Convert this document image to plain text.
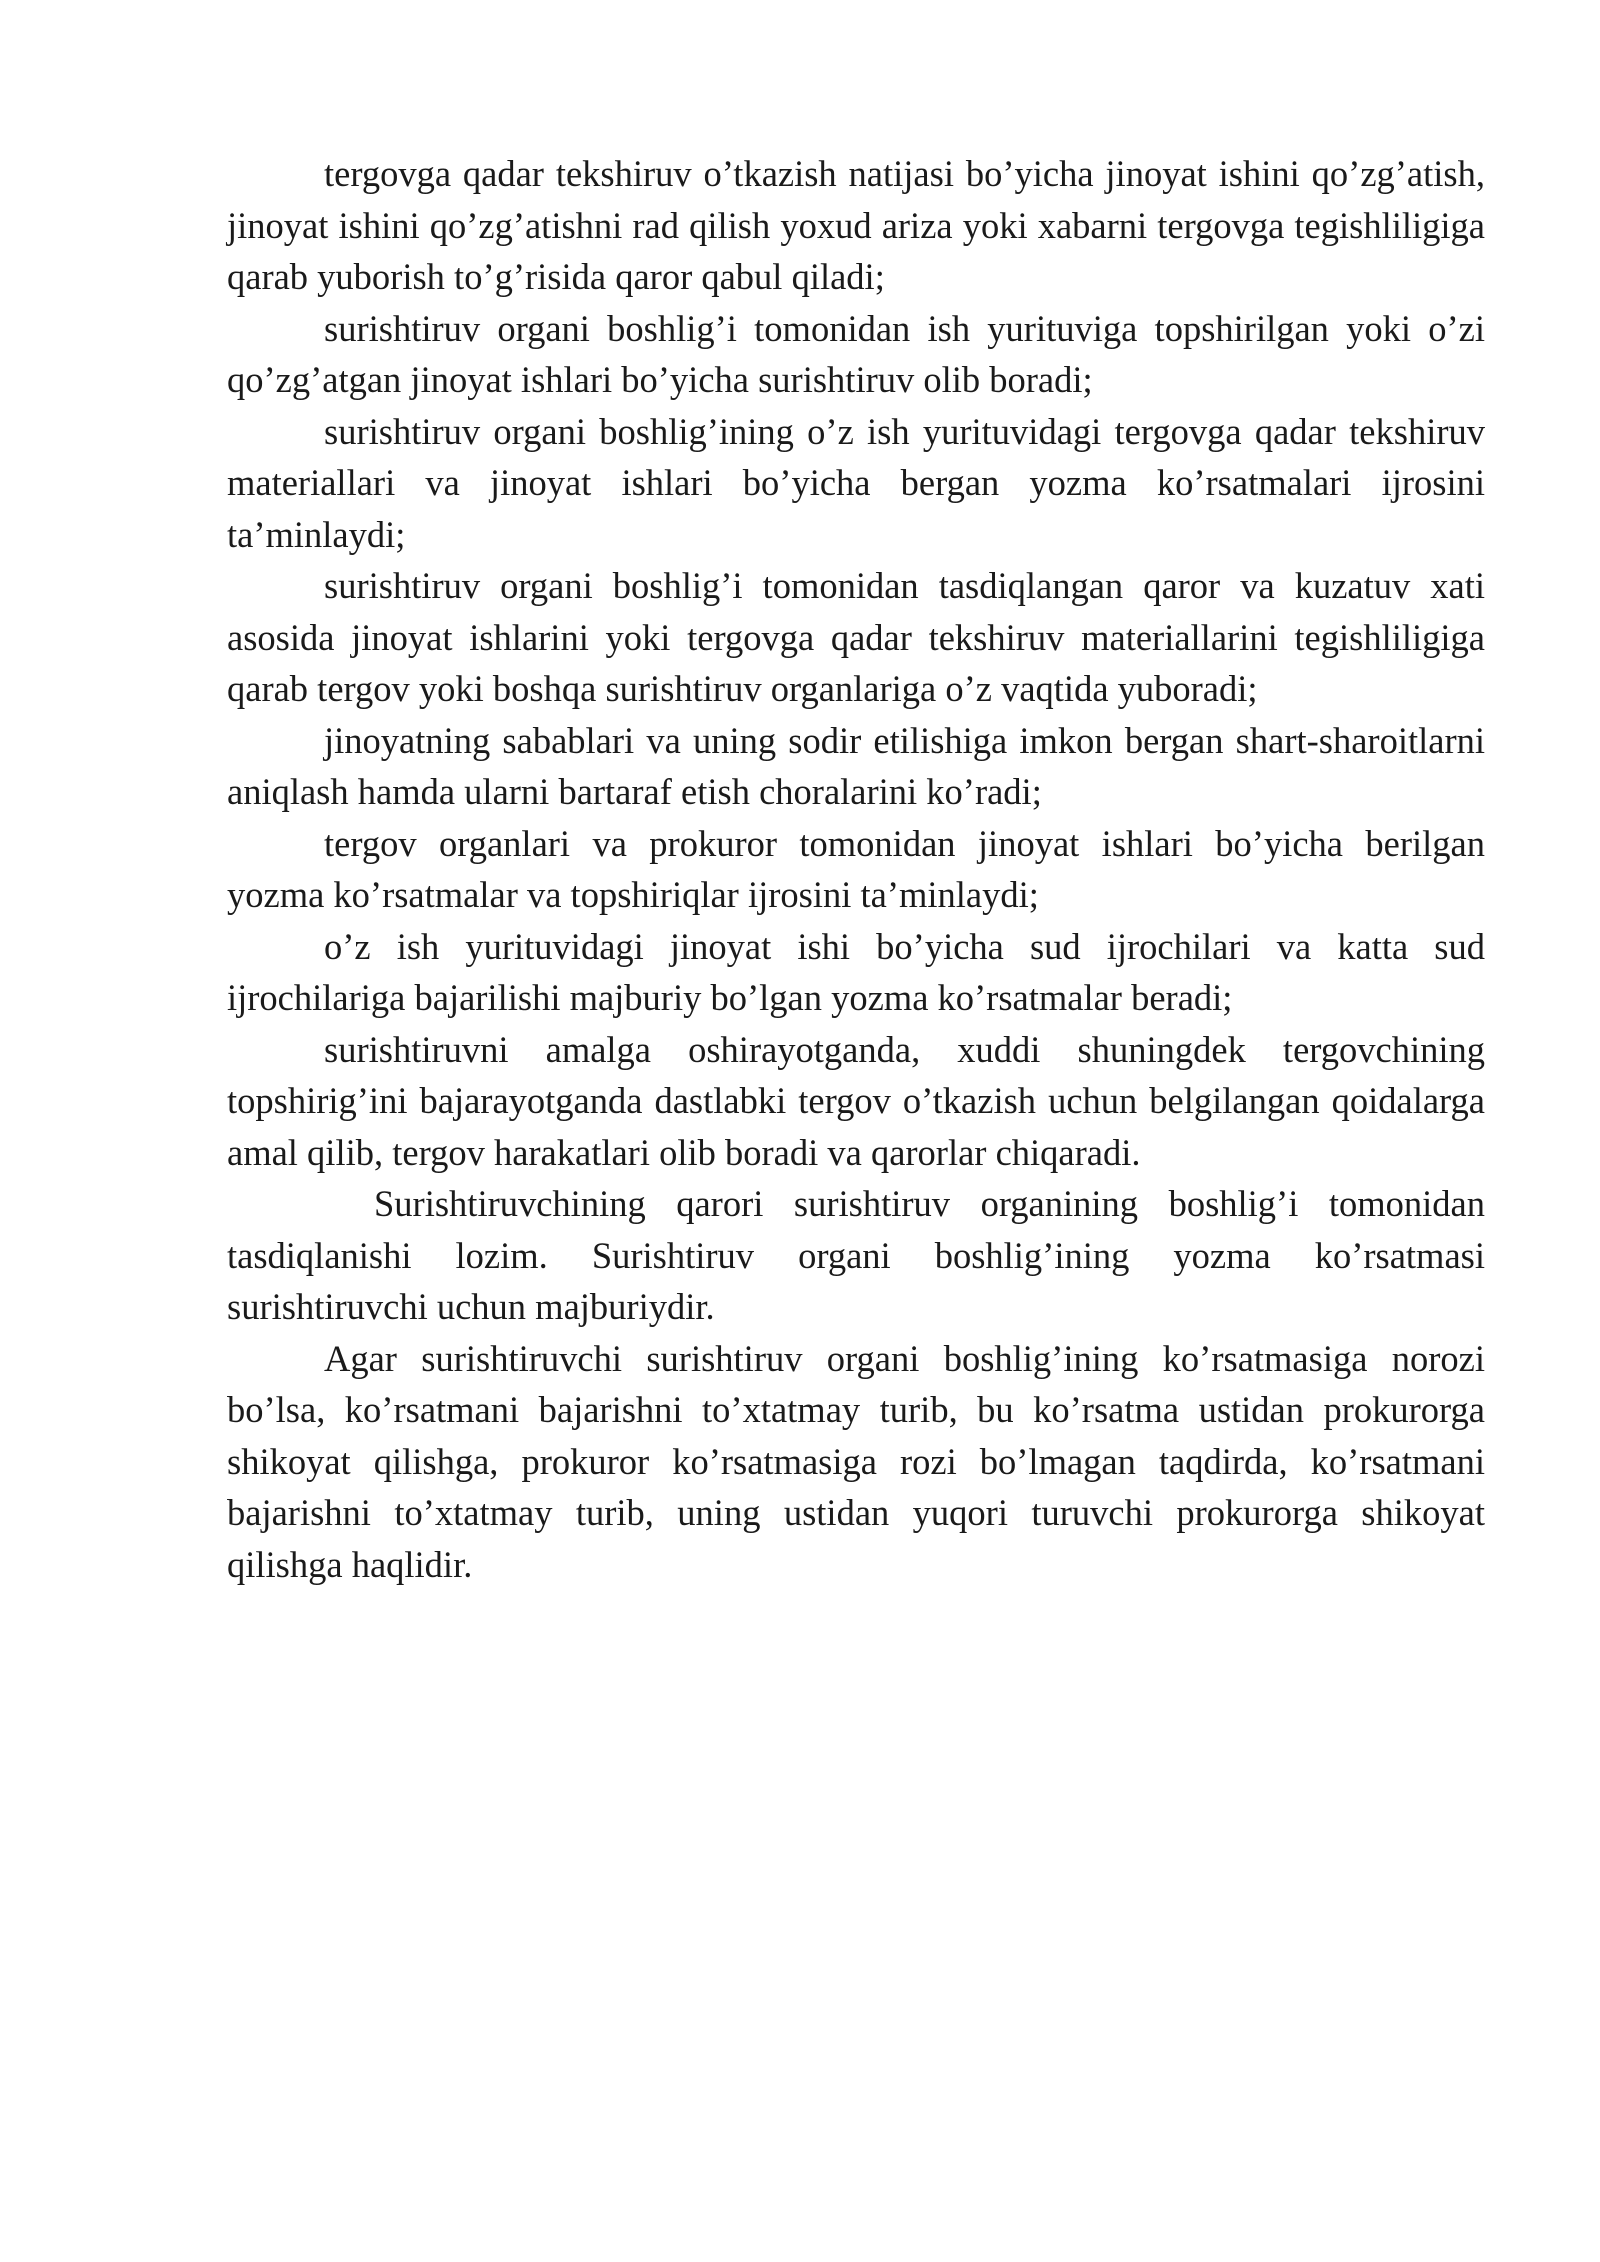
tergovga qadar tekshiruv o’tkazish natijasi bo’yicha jinoyat ishini qo’zg’atish, jinoyat ishini qo’zg’atishni rad qilish yoxud ariza yoki xabarni tergovga tegishliligiga qarab yuborish to’g’risida qaror qabul qiladi;

surishtiruv organi boshlig’i tomonidan ish yurituviga topshirilgan yoki o’zi qo’zg’atgan jinoyat ishlari bo’yicha surishtiruv olib boradi;

surishtiruv organi boshlig’ining o’z ish yurituvidagi tergovga qadar tekshiruv materiallari va jinoyat ishlari bo’yicha bergan yozma ko’rsatmalari ijrosini ta’minlaydi;

surishtiruv organi boshlig’i tomonidan tasdiqlangan qaror va kuzatuv xati asosida jinoyat ishlarini yoki tergovga qadar tekshiruv materiallarini tegishliligiga qarab tergov yoki boshqa surishtiruv organlariga o’z vaqtida yuboradi;

jinoyatning sabablari va uning sodir etilishiga imkon bergan shart-sharoitlarni aniqlash hamda ularni bartaraf etish choralarini ko’radi;

tergov organlari va prokuror tomonidan jinoyat ishlari bo’yicha berilgan yozma ko’rsatmalar va topshiriqlar ijrosini ta’minlaydi;

o’z ish yurituvidagi jinoyat ishi bo’yicha sud ijrochilari va katta sud ijrochilariga bajarilishi majburiy bo’lgan yozma ko’rsatmalar beradi;

surishtiruvni amalga oshirayotganda, xuddi shuningdek tergovchining topshirig’ini bajarayotganda dastlabki tergov o’tkazish uchun belgilangan qoidalarga amal qilib, tergov harakatlari olib boradi va qarorlar chiqaradi.

Surishtiruvchining qarori surishtiruv organining boshlig’i tomonidan tasdiqlanishi lozim. Surishtiruv organi boshlig’ining yozma ko’rsatmasi surishtiruvchi uchun majburiydir.

Agar surishtiruvchi surishtiruv organi boshlig’ining ko’rsatmasiga norozi bo’lsa, ko’rsatmani bajarishni to’xtatmay turib, bu ko’rsatma ustidan prokurorga shikoyat qilishga, prokuror ko’rsatmasiga rozi bo’lmagan taqdirda, ko’rsatmani bajarishni to’xtatmay turib, uning ustidan yuqori turuvchi prokurorga shikoyat qilishga haqlidir.
